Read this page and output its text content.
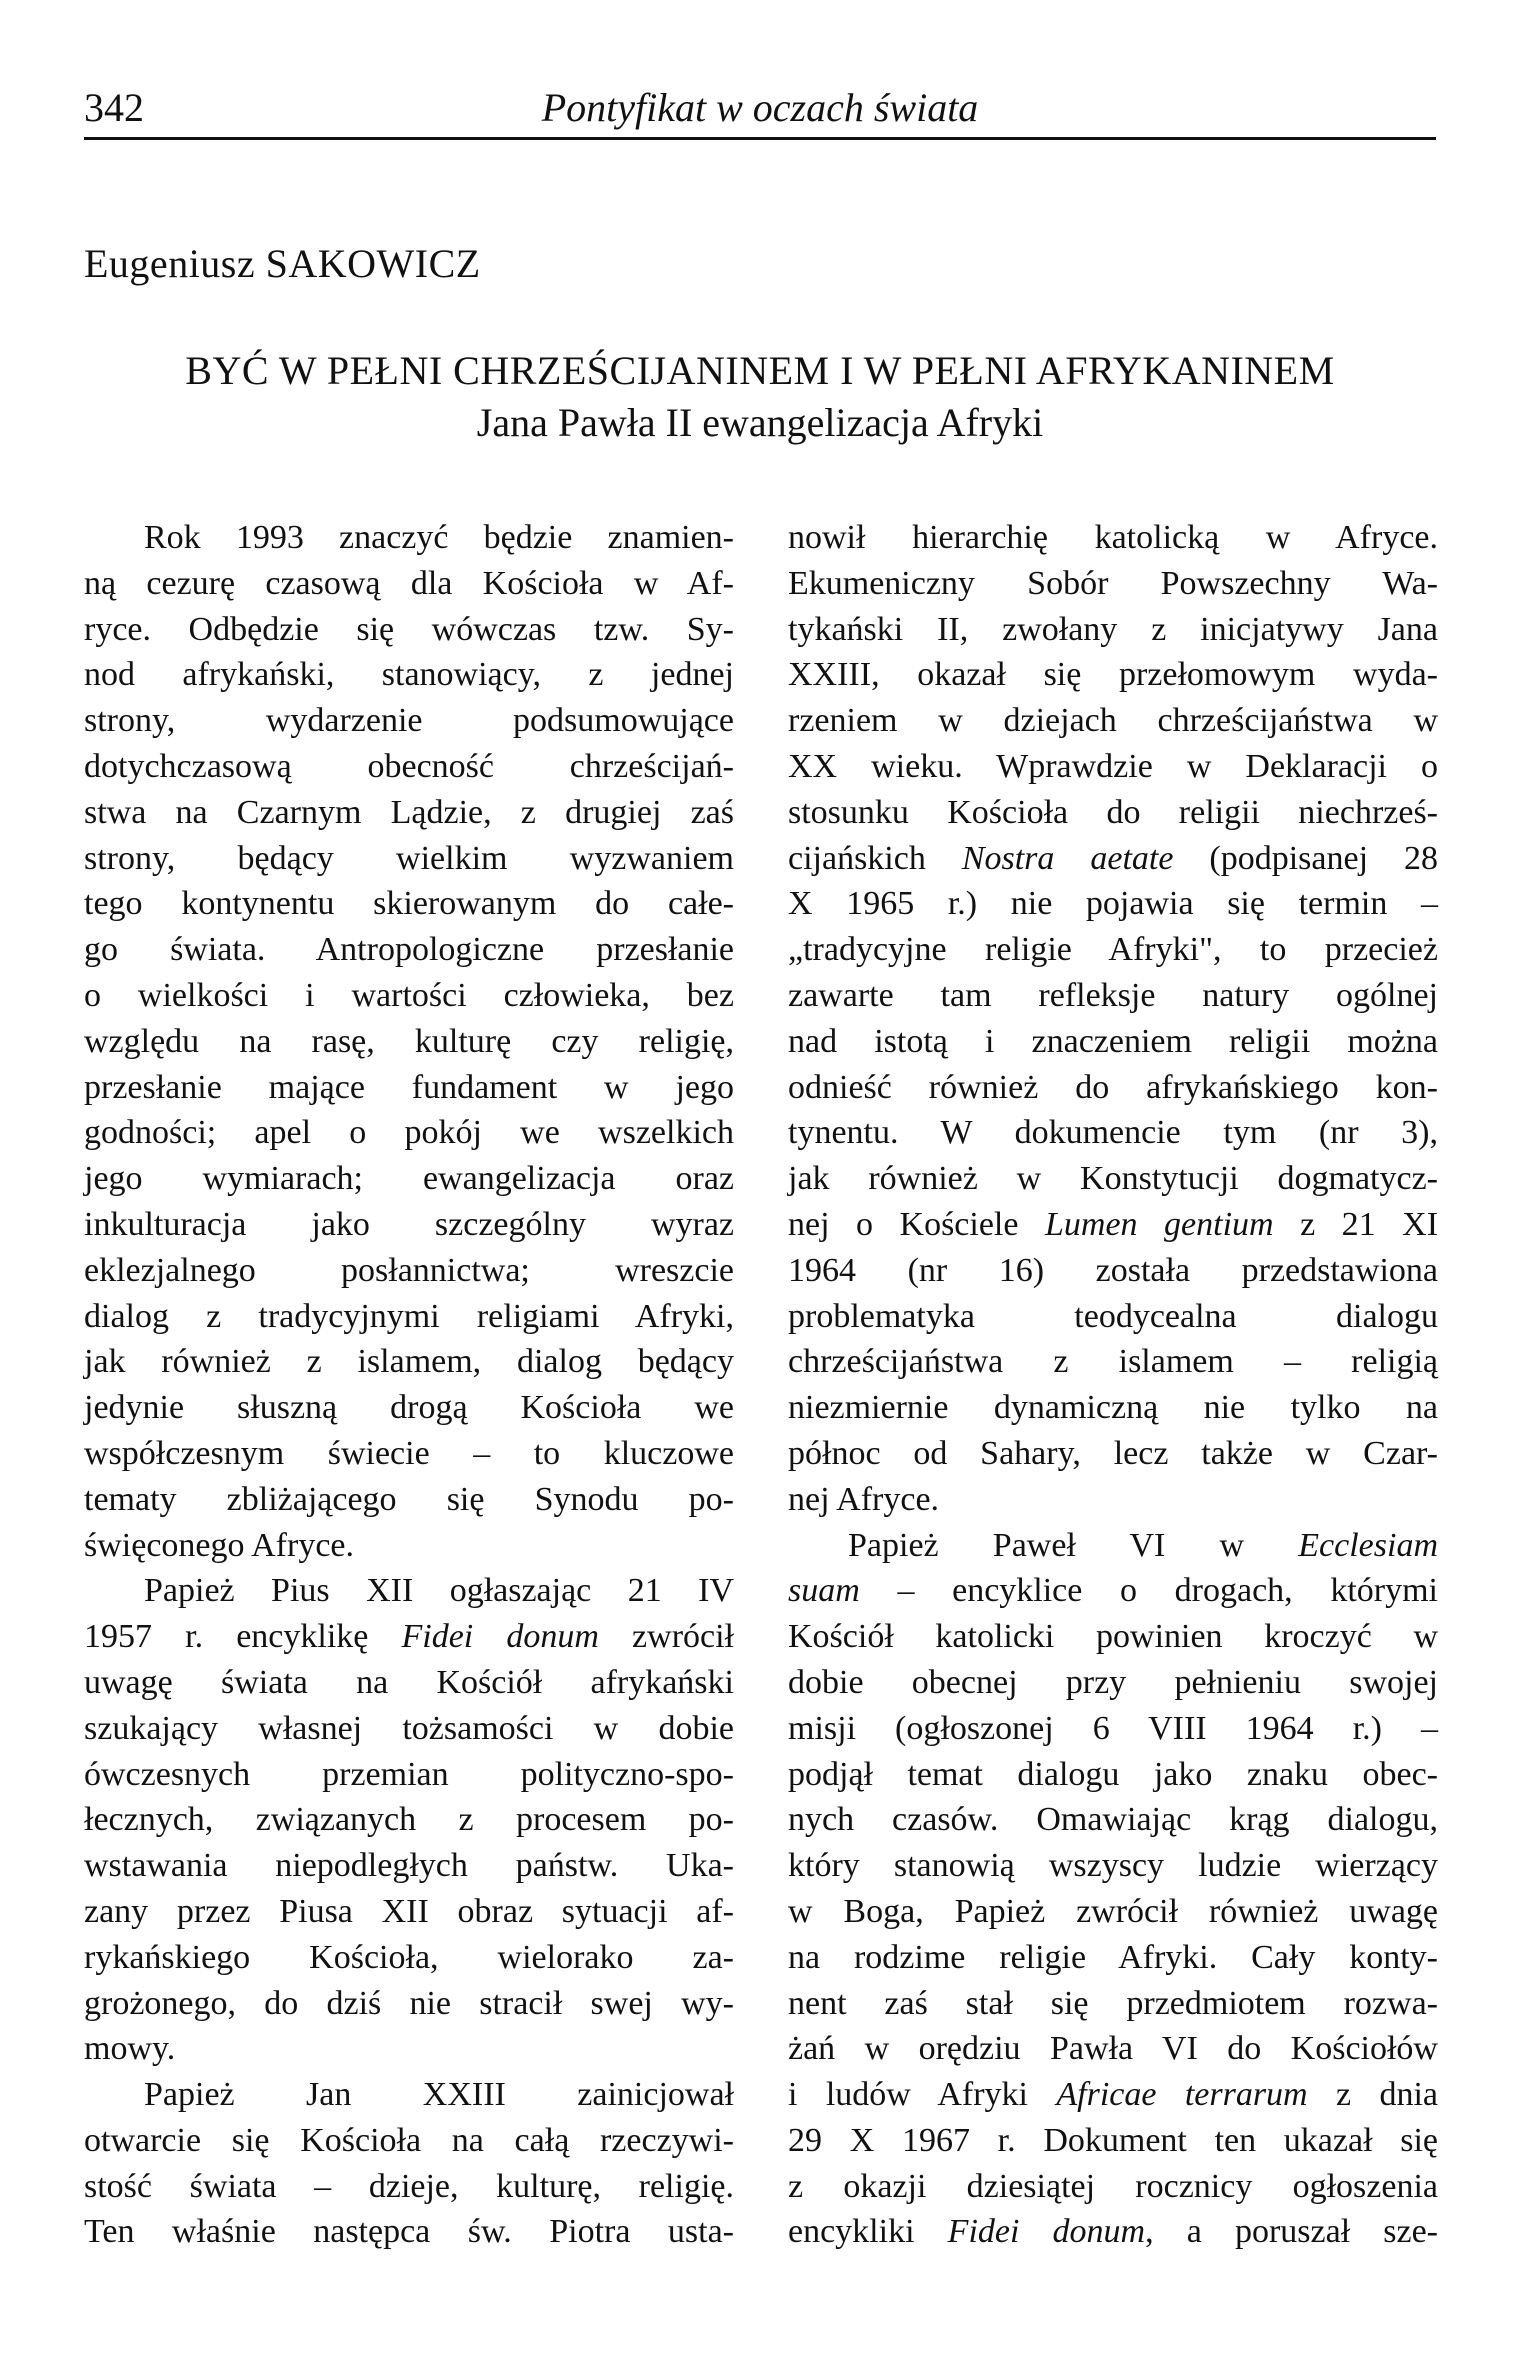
342	Pontyfikat w oczach świata
Eugeniusz SAKOWICZ
BYĆ W PEŁNI CHRZEŚCIJANINEM I W PEŁNI AFRYKANINEM
Jana Pawła II ewangelizacja Afryki
Rok 1993 znaczyć będzie znamien-
ną cezurę czasową dla Kościoła w Af-
ryce. Odbędzie się wówczas tzw. Sy-
nod afrykański, stanowiący, z jednej
strony, wydarzenie podsumowujące
dotychczasową obecność chrześcijań-
stwa na Czarnym Lądzie, z drugiej zaś
strony, będący wielkim wyzwaniem
tego kontynentu skierowanym do całe-
go świata. Antropologiczne przesłanie
o wielkości i wartości człowieka, bez
względu na rasę, kulturę czy religię,
przesłanie mające fundament w jego
godności; apel o pokój we wszelkich
jego wymiarach; ewangelizacja oraz
inkulturacja jako szczególny wyraz
eklezjalnego posłannictwa; wreszcie
dialog z tradycyjnymi religiami Afryki,
jak również z islamem, dialog będący
jedynie słuszną drogą Kościoła we
współczesnym świecie – to kluczowe
tematy zbliżającego się Synodu po-
święconego Afryce.
Papież Pius XII ogłaszając 21 IV
1957 r. encyklikę Fidei donum zwrócił
uwagę świata na Kościół afrykański
szukający własnej tożsamości w dobie
ówczesnych przemian polityczno-spo-
łecznych, związanych z procesem po-
wstawania niepodległych państw. Uka-
zany przez Piusa XII obraz sytuacji af-
rykańskiego Kościoła, wielorako za-
grożonego, do dziś nie stracił swej wy-
mowy.
Papież Jan XXIII zainicjował
otwarcie się Kościoła na całą rzeczywi-
stość świata – dzieje, kulturę, religię.
Ten właśnie następca św. Piotra usta-
nowił hierarchię katolicką w Afryce.
Ekumeniczny Sobór Powszechny Wa-
tykański II, zwołany z inicjatywy Jana
XXIII, okazał się przełomowym wyda-
rzeniem w dziejach chrześcijaństwa w
XX wieku. Wprawdzie w Deklaracji o
stosunku Kościoła do religii niechrześ-
cijańskich Nostra aetate (podpisanej 28
X 1965 r.) nie pojawia się termin –
„tradycyjne religie Afryki", to przecież
zawarte tam refleksje natury ogólnej
nad istotą i znaczeniem religii można
odnieść również do afrykańskiego kon-
tynentu. W dokumencie tym (nr 3),
jak również w Konstytucji dogmatycz-
nej o Kościele Lumen gentium z 21 XI
1964 (nr 16) została przedstawiona
problematyka teodycealna dialogu
chrześcijaństwa z islamem – religią
niezmiernie dynamiczną nie tylko na
północ od Sahary, lecz także w Czar-
nej Afryce.
Papież Paweł VI w Ecclesiam
suam – encyklice o drogach, którymi
Kościół katolicki powinien kroczyć w
dobie obecnej przy pełnieniu swojej
misji (ogłoszonej 6 VIII 1964 r.) –
podjął temat dialogu jako znaku obec-
nych czasów. Omawiając krąg dialogu,
który stanowią wszyscy ludzie wierzący
w Boga, Papież zwrócił również uwagę
na rodzime religie Afryki. Cały konty-
nent zaś stał się przedmiotem rozwa-
żań w orędziu Pawła VI do Kościołów
i ludów Afryki Africae terrarum z dnia
29 X 1967 r. Dokument ten ukazał się
z okazji dziesiątej rocznicy ogłoszenia
encykliki Fidei donum, a poruszał sze-
